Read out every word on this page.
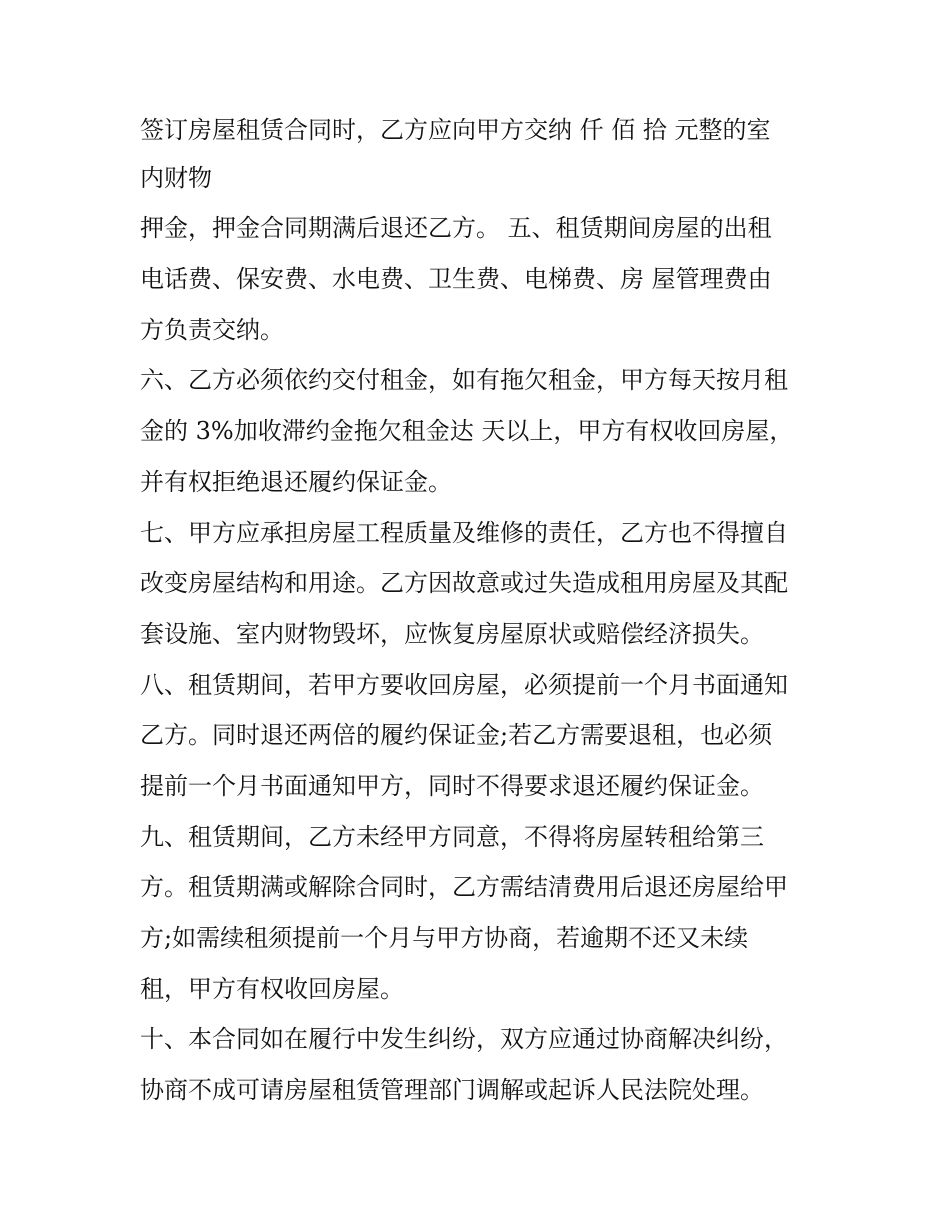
签订房屋租赁合同时，乙方应向甲方交纳 仟 佰 拾 元整的室

内财物

押金，押金合同期满后退还乙方。 五、租赁期间房屋的出租

电话费、保安费、水电费、卫生费、电梯费、房 屋管理费由

方负责交纳。

六、乙方必须依约交付租金，如有拖欠租金，甲方每天按月租

金的 3%加收滞约金拖欠租金达 天以上，甲方有权收回房屋，

并有权拒绝退还履约保证金。

七、甲方应承担房屋工程质量及维修的责任，乙方也不得擅自

改变房屋结构和用途。乙方因故意或过失造成租用房屋及其配

套设施、室内财物毁坏，应恢复房屋原状或赔偿经济损失。

八、租赁期间，若甲方要收回房屋，必须提前一个月书面通知

乙方。同时退还两倍的履约保证金;若乙方需要退租，也必须

提前一个月书面通知甲方，同时不得要求退还履约保证金。

九、租赁期间，乙方未经甲方同意，不得将房屋转租给第三

方。租赁期满或解除合同时，乙方需结清费用后退还房屋给甲

方;如需续租须提前一个月与甲方协商，若逾期不还又未续

租，甲方有权收回房屋。

十、本合同如在履行中发生纠纷，双方应通过协商解决纠纷，

协商不成可请房屋租赁管理部门调解或起诉人民法院处理。
